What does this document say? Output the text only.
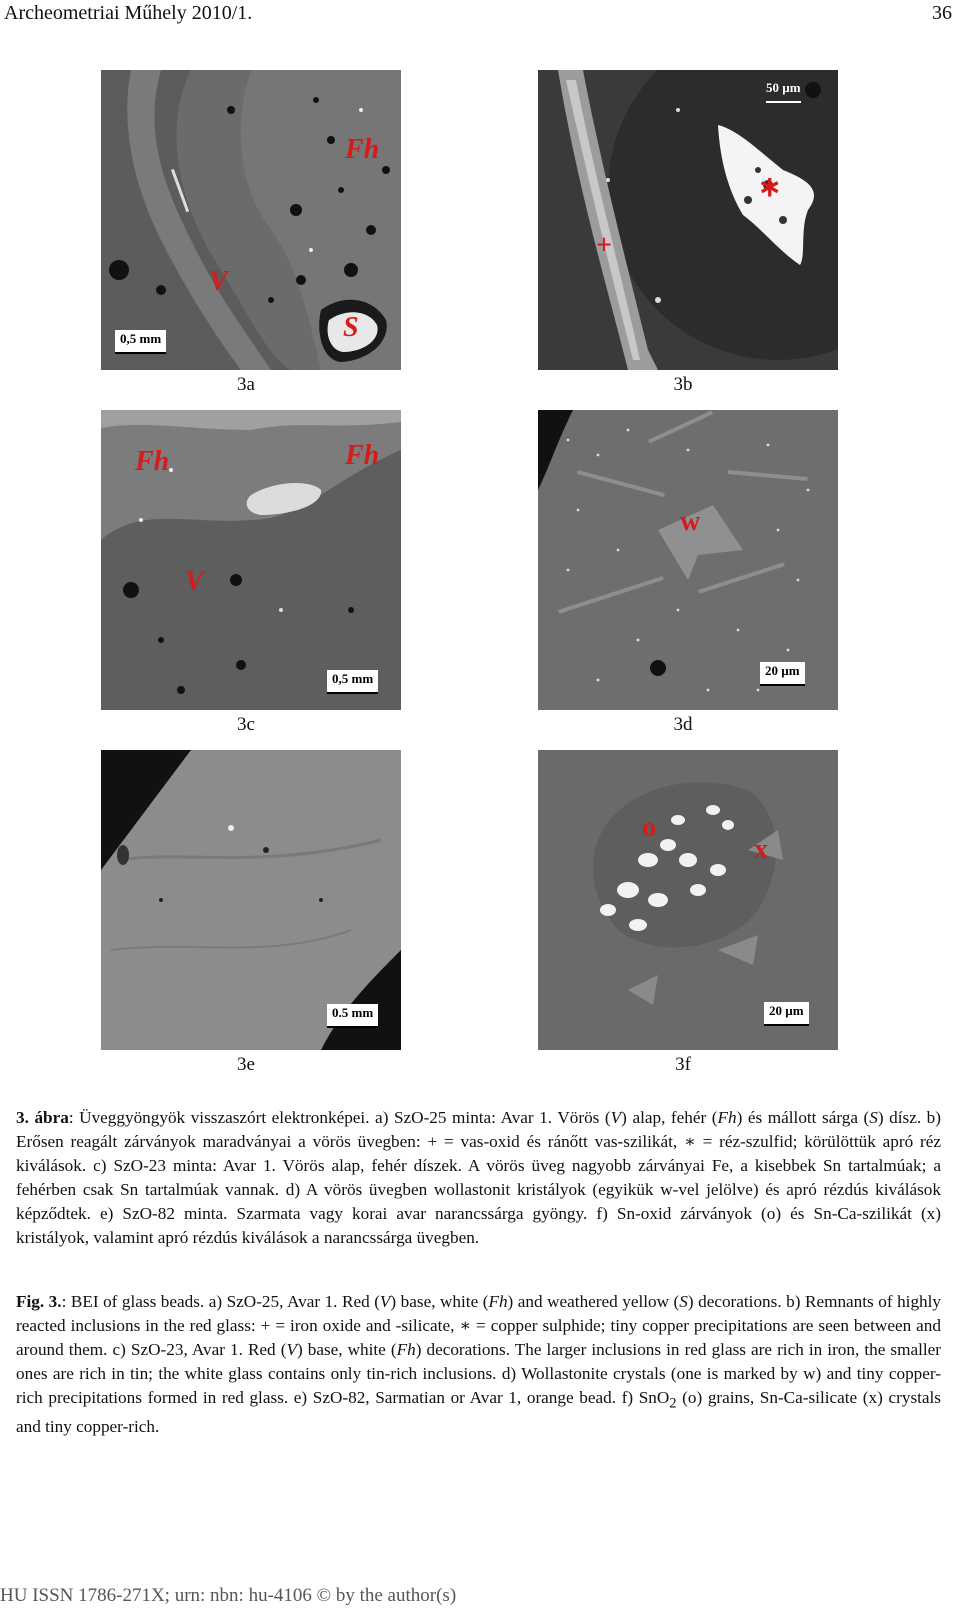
Archeometriai Műhely 2010/1.	36
Fh
V
S
0,5 mm
3a
+
∗
50 µm
3b
Fh	Fh
V
0,5 mm
3c
w
20 µm
3d
0.5 mm
3e
o
x
20 µm
3f
3. ábra: Üveggyöngyök visszaszórt elektronképei. a) SzO-25 minta: Avar 1. Vörös (V) alap, fehér (Fh) és mállott sárga (S) dísz. b) Erősen reagált zárványok maradványai a vörös üvegben: + = vas-oxid és ránőtt vas-szilikát, ∗ = réz-szulfid; körülöttük apró réz kiválások. c) SzO-23 minta: Avar 1. Vörös alap, fehér díszek. A vörös üveg nagyobb zárványai Fe, a kisebbek Sn tartalmúak; a fehérben csak Sn tartalmúak vannak. d) A vörös üvegben wollastonit kristályok (egyikük w-vel jelölve) és apró rézdús kiválások képződtek. e) SzO-82 minta. Szarmata vagy korai avar narancssárga gyöngy. f) Sn-oxid zárványok (o) és Sn-Ca-szilikát (x) kristályok, valamint apró rézdús kiválások a narancssárga üvegben.
Fig. 3.: BEI of glass beads. a) SzO-25, Avar 1. Red (V) base, white (Fh) and weathered yellow (S) decorations. b) Remnants of highly reacted inclusions in the red glass: + = iron oxide and -silicate, ∗ = copper sulphide; tiny copper precipitations are seen between and around them. c) SzO-23, Avar 1. Red (V) base, white (Fh) decorations. The larger inclusions in red glass are rich in iron, the smaller ones are rich in tin; the white glass contains only tin-rich inclusions. d) Wollastonite crystals (one is marked by w) and tiny copper-rich precipitations formed in red glass. e) SzO-82, Sarmatian or Avar 1, orange bead. f) SnO$_2$ (o) grains, Sn-Ca-silicate (x) crystals and tiny copper-rich.
HU ISSN 1786-271X; urn: nbn: hu-4106 © by the author(s)
